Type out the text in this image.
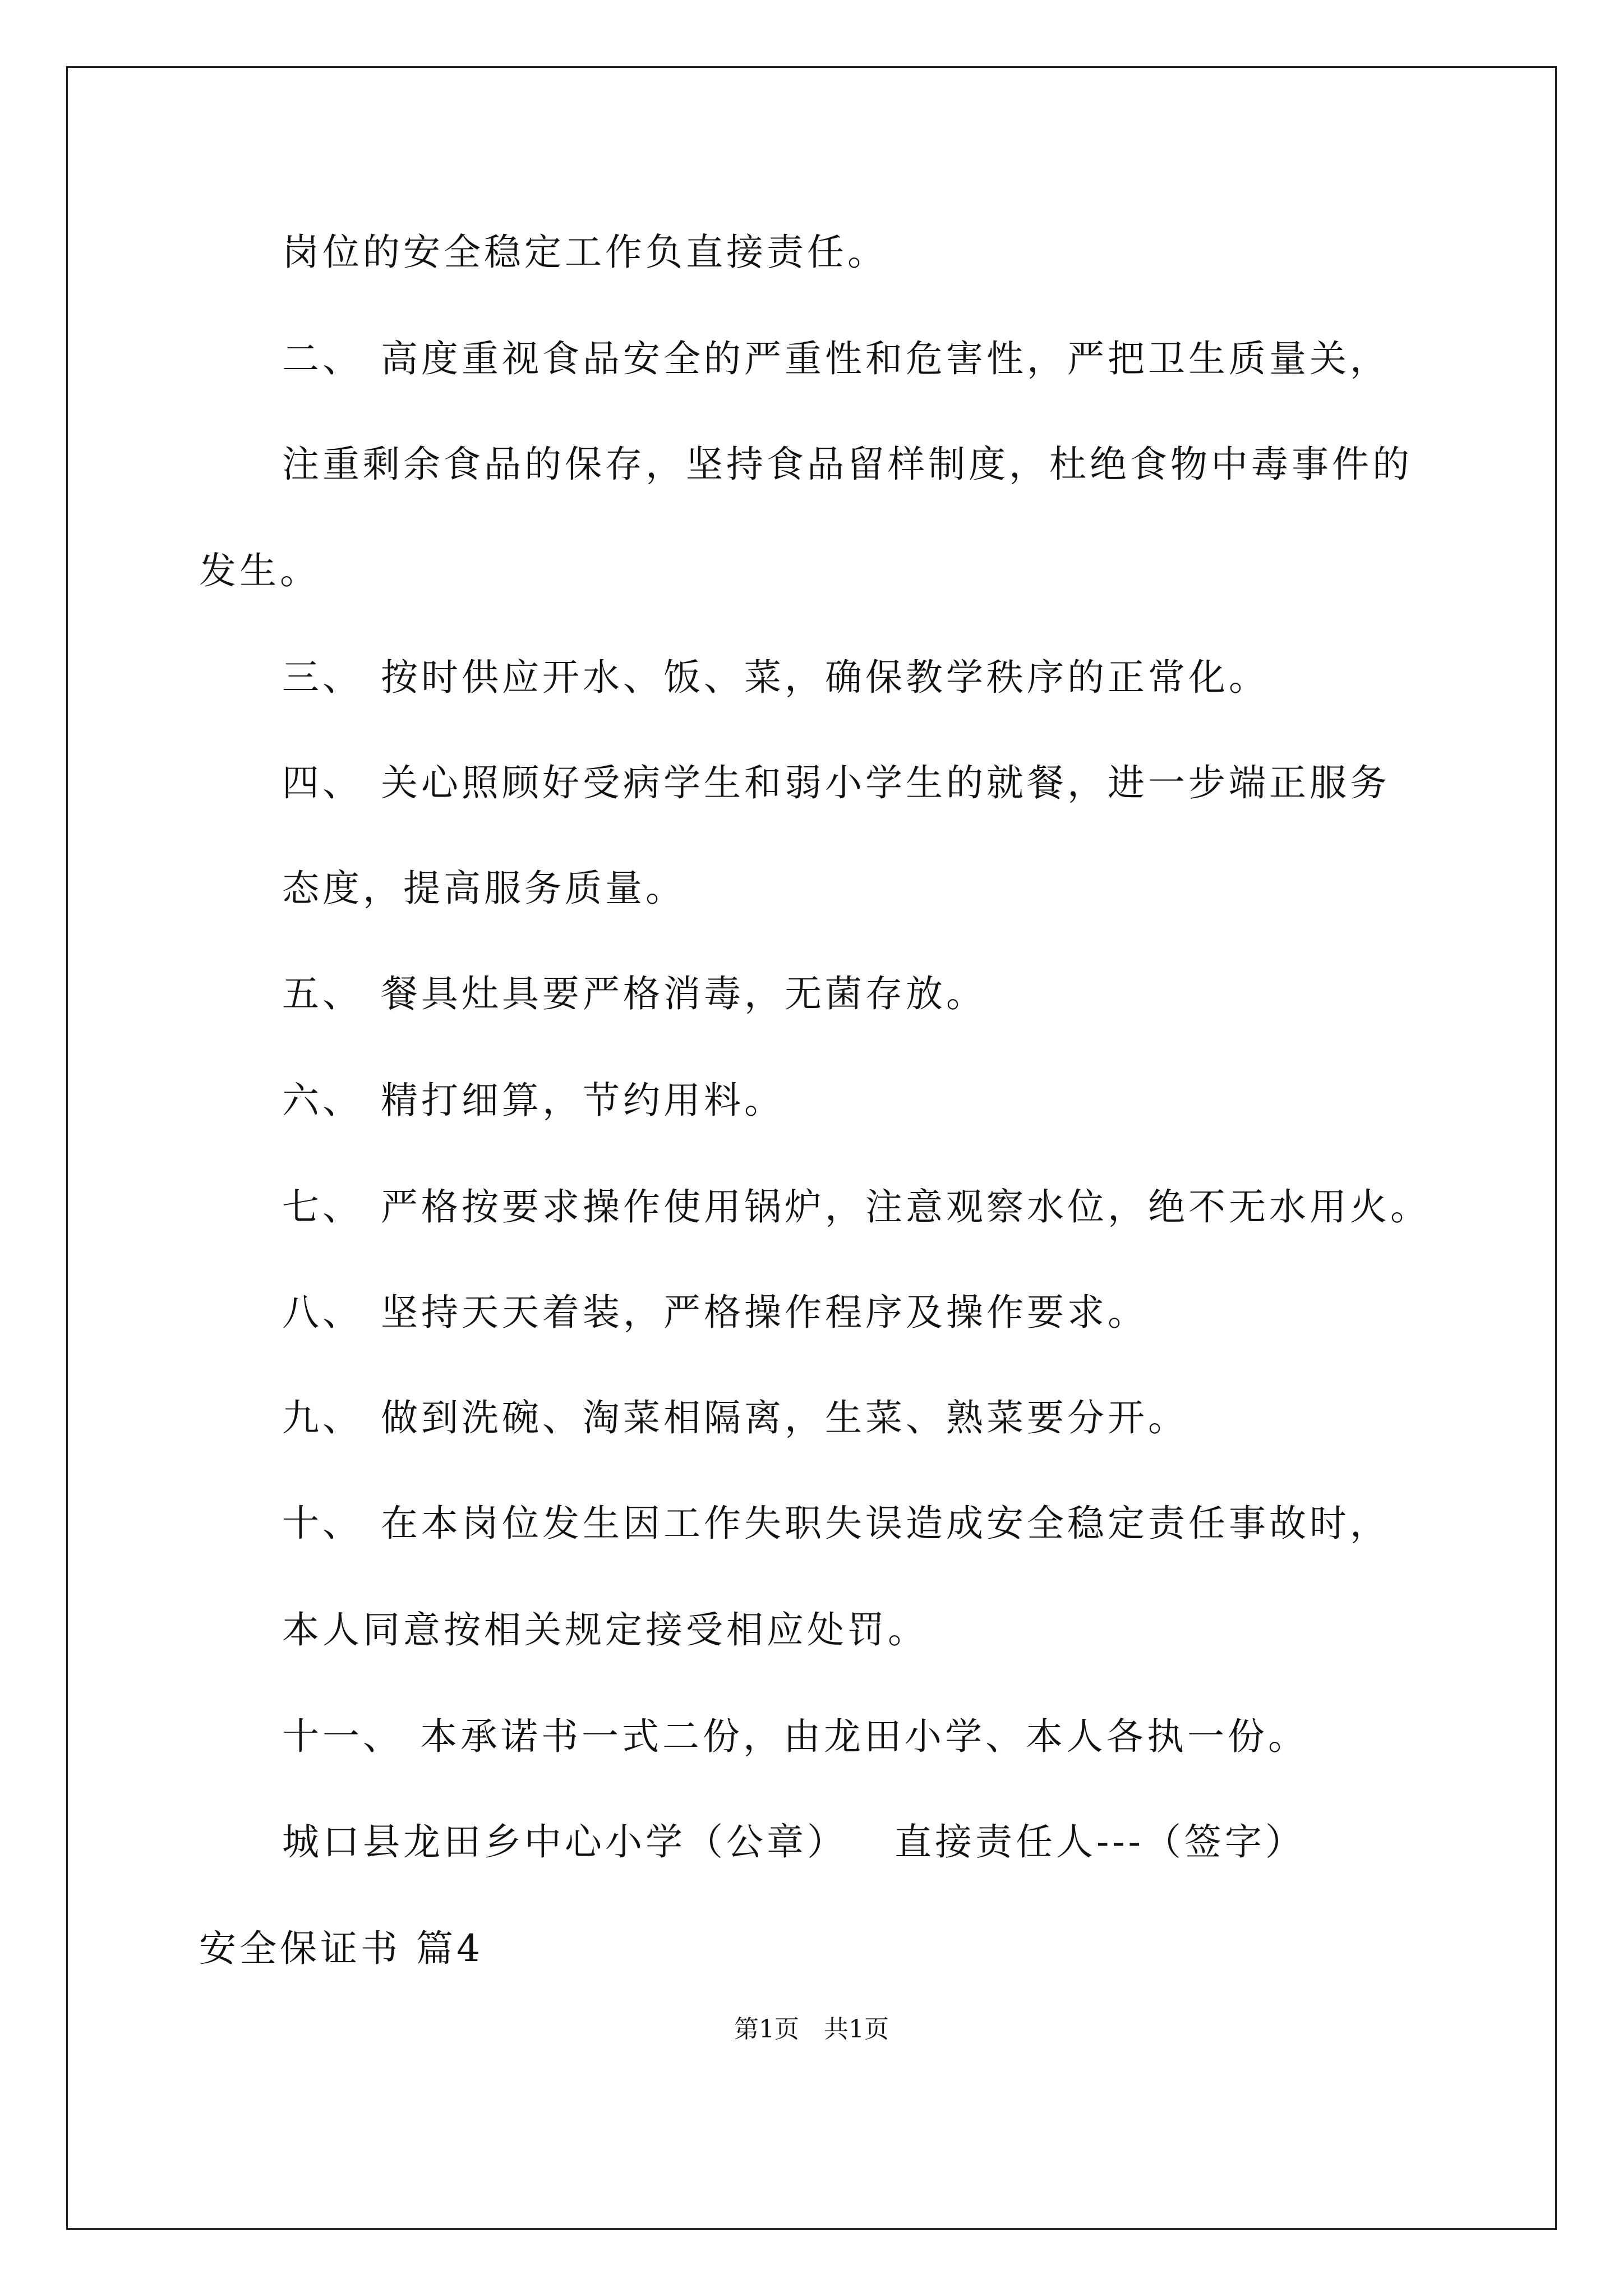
岗位的安全稳定工作负直接责任。
二、 高度重视食品安全的严重性和危害性，严把卫生质量关，
注重剩余食品的保存，坚持食品留样制度，杜绝食物中毒事件的
发生。
三、 按时供应开水、饭、菜，确保教学秩序的正常化。
四、 关心照顾好受病学生和弱小学生的就餐，进一步端正服务
态度，提高服务质量。
五、 餐具灶具要严格消毒，无菌存放。
六、 精打细算，节约用料。
七、 严格按要求操作使用锅炉，注意观察水位，绝不无水用火。
八、 坚持天天着装，严格操作程序及操作要求。
九、 做到洗碗、淘菜相隔离，生菜、熟菜要分开。
十、 在本岗位发生因工作失职失误造成安全稳定责任事故时，
本人同意按相关规定接受相应处罚。
十一、 本承诺书一式二份，由龙田小学、本人各执一份。
城口县龙田乡中心小学（公章） 直接责任人---（签字）
安全保证书 篇4
第1页　共1页
